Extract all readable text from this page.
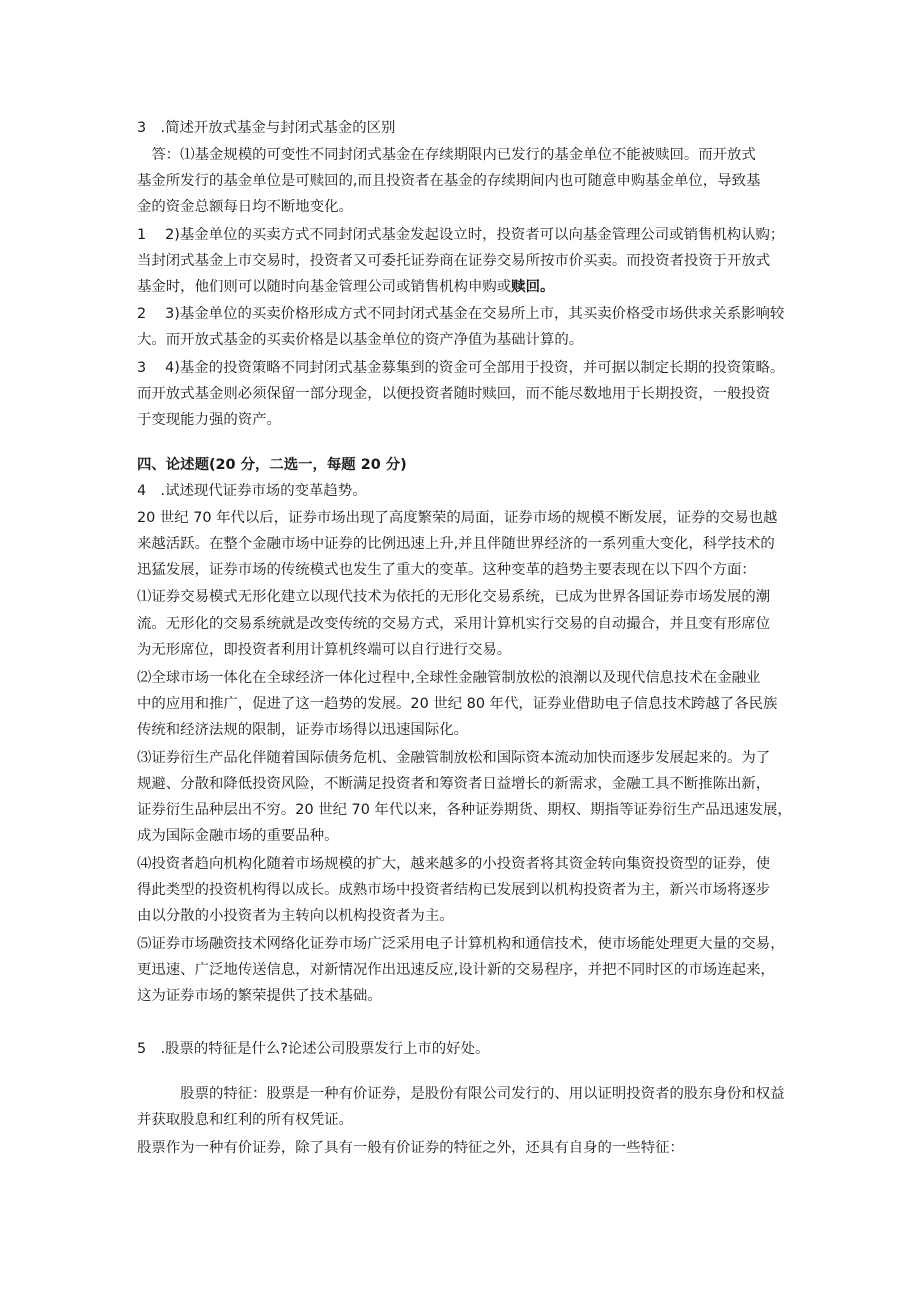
3　.简述开放式基金与封闭式基金的区别
　答：⑴基金规模的可变性不同封闭式基金在存续期限内已发行的基金单位不能被赎回。而开放式
基金所发行的基金单位是可赎回的,而且投资者在基金的存续期间内也可随意申购基金单位，导致基
金的资金总额每日均不断地变化。
1　 2)基金单位的买卖方式不同封闭式基金发起设立时，投资者可以向基金管理公司或销售机构认购；
当封闭式基金上市交易时，投资者又可委托证券商在证券交易所按市价买卖。而投资者投资于开放式
基金时，他们则可以随时向基金管理公司或销售机构申购或赎回。
2　 3)基金单位的买卖价格形成方式不同封闭式基金在交易所上市，其买卖价格受市场供求关系影响较
大。而开放式基金的买卖价格是以基金单位的资产净值为基础计算的。
3　 4)基金的投资策略不同封闭式基金募集到的资金可全部用于投资，并可据以制定长期的投资策略。
而开放式基金则必须保留一部分现金，以便投资者随时赎回，而不能尽数地用于长期投资，一般投资
于变现能力强的资产。
四、论述题(20 分，二选一，每题 20 分)
4　.试述现代证券市场的变革趋势。
20 世纪 70 年代以后，证券市场出现了高度繁荣的局面，证券市场的规模不断发展，证券的交易也越
来越活跃。在整个金融市场中证券的比例迅速上升,并且伴随世界经济的一系列重大变化，科学技术的
迅猛发展，证券市场的传统模式也发生了重大的变革。这种变革的趋势主要表现在以下四个方面：
⑴证券交易模式无形化建立以现代技术为依托的无形化交易系统，已成为世界各国证券市场发展的潮
流。无形化的交易系统就是改变传统的交易方式，采用计算机实行交易的自动撮合，并且变有形席位
为无形席位，即投资者利用计算机终端可以自行进行交易。
⑵全球市场一体化在全球经济一体化过程中,全球性金融管制放松的浪潮以及现代信息技术在金融业
中的应用和推广，促进了这一趋势的发展。20 世纪 80 年代，证券业借助电子信息技术跨越了各民族
传统和经济法规的限制，证券市场得以迅速国际化。
⑶证券衍生产品化伴随着国际债务危机、金融管制放松和国际资本流动加快而逐步发展起来的。为了
规避、分散和降低投资风险，不断满足投资者和筹资者日益增长的新需求，金融工具不断推陈出新，
证券衍生品种层出不穷。20 世纪 70 年代以来，各种证券期货、期权、期指等证券衍生产品迅速发展，
成为国际金融市场的重要品种。
⑷投资者趋向机构化随着市场规模的扩大，越来越多的小投资者将其资金转向集资投资型的证券，使
得此类型的投资机构得以成长。成熟市场中投资者结构已发展到以机构投资者为主，新兴市场将逐步
由以分散的小投资者为主转向以机构投资者为主。
⑸证券市场融资技术网络化证券市场广泛采用电子计算机构和通信技术，使市场能处理更大量的交易，
更迅速、广泛地传送信息，对新情况作出迅速反应,设计新的交易程序，并把不同时区的市场连起来，
这为证券市场的繁荣提供了技术基础。
5　.股票的特征是什么?论述公司股票发行上市的好处。
　　　股票的特征：股票是一种有价证券，是股份有限公司发行的、用以证明投资者的股东身份和权益
并获取股息和红利的所有权凭证。
股票作为一种有价证券，除了具有一般有价证券的特征之外，还具有自身的一些特征：
